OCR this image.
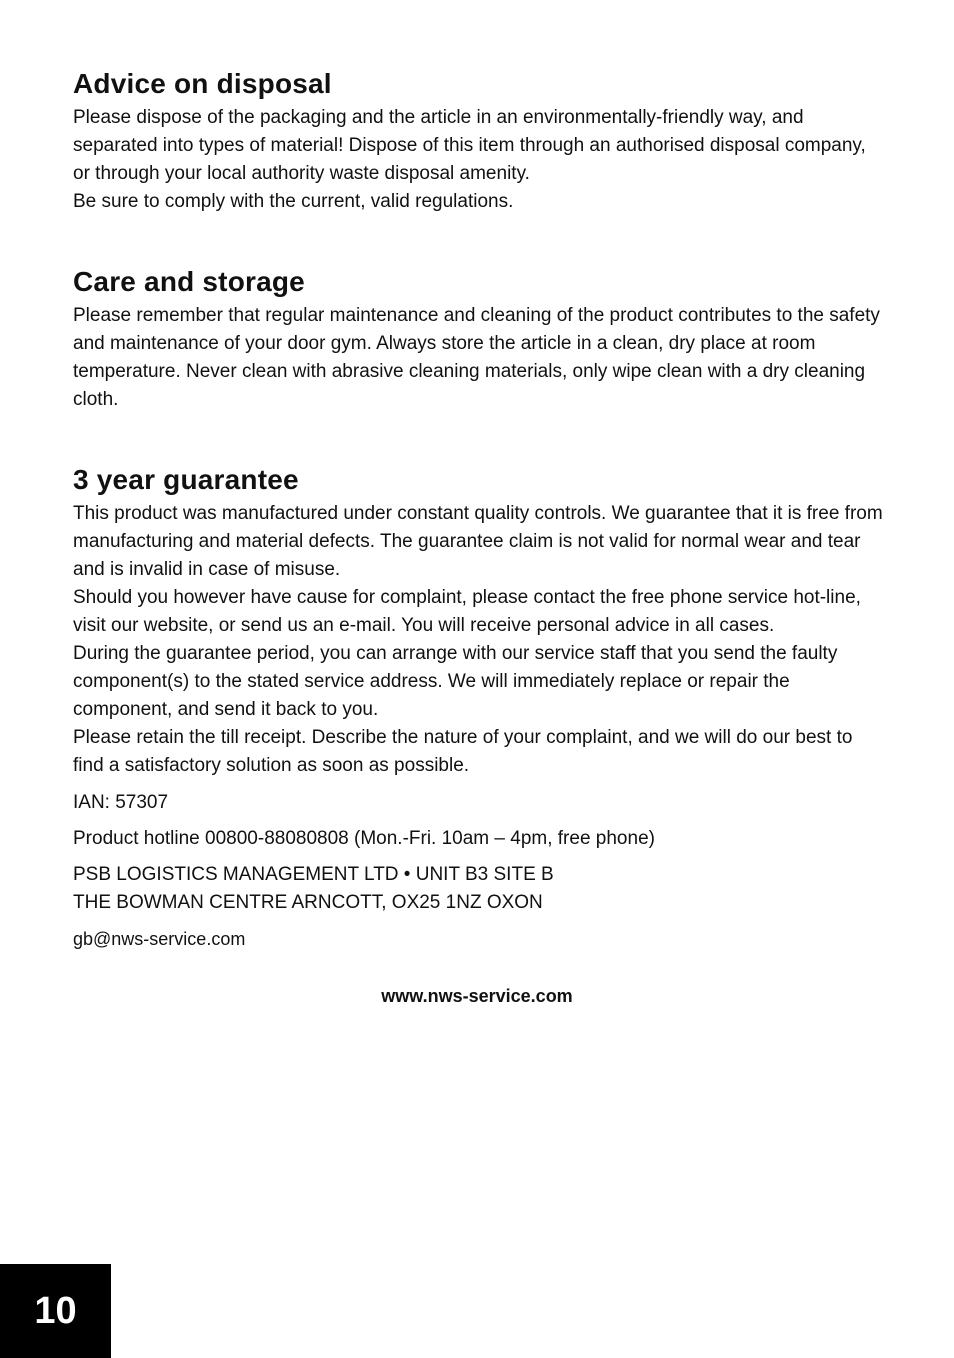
Advice on disposal

Please dispose of the packaging and the article in an environmentally-friendly way, and separated into types of material! Dispose of this item through an authorised disposal company, or through your local authority waste disposal amenity.

Be sure to comply with the current, valid regulations.

Care and storage

Please remember that regular maintenance and cleaning of the product contributes to the safety and maintenance of your door gym. Always store the article in a clean, dry place at room temperature. Never clean with abrasive cleaning materials, only wipe clean with a dry cleaning cloth.

3 year guarantee

This product was manufactured under constant quality controls. We guarantee that it is free from manufacturing and material defects. The guarantee claim is not valid for normal wear and tear and is invalid in case of misuse.

Should you however have cause for complaint, please contact the free phone service hot-line, visit our website, or send us an e-mail. You will receive personal advice in all cases.

During the guarantee period, you can arrange with our service staff that you send the faulty component(s) to the stated service address. We will immediately replace or repair the component, and send it back to you.

Please retain the till receipt. Describe the nature of your complaint, and we will do our best to find a satisfactory solution as soon as possible.

IAN: 57307

Product hotline 00800-88080808 (Mon.-Fri. 10am – 4pm, free phone)

PSB LOGISTICS MANAGEMENT LTD • UNIT B3 SITE B
THE BOWMAN CENTRE ARNCOTT, OX25 1NZ OXON

gb@nws-service.com

www.nws-service.com
10
